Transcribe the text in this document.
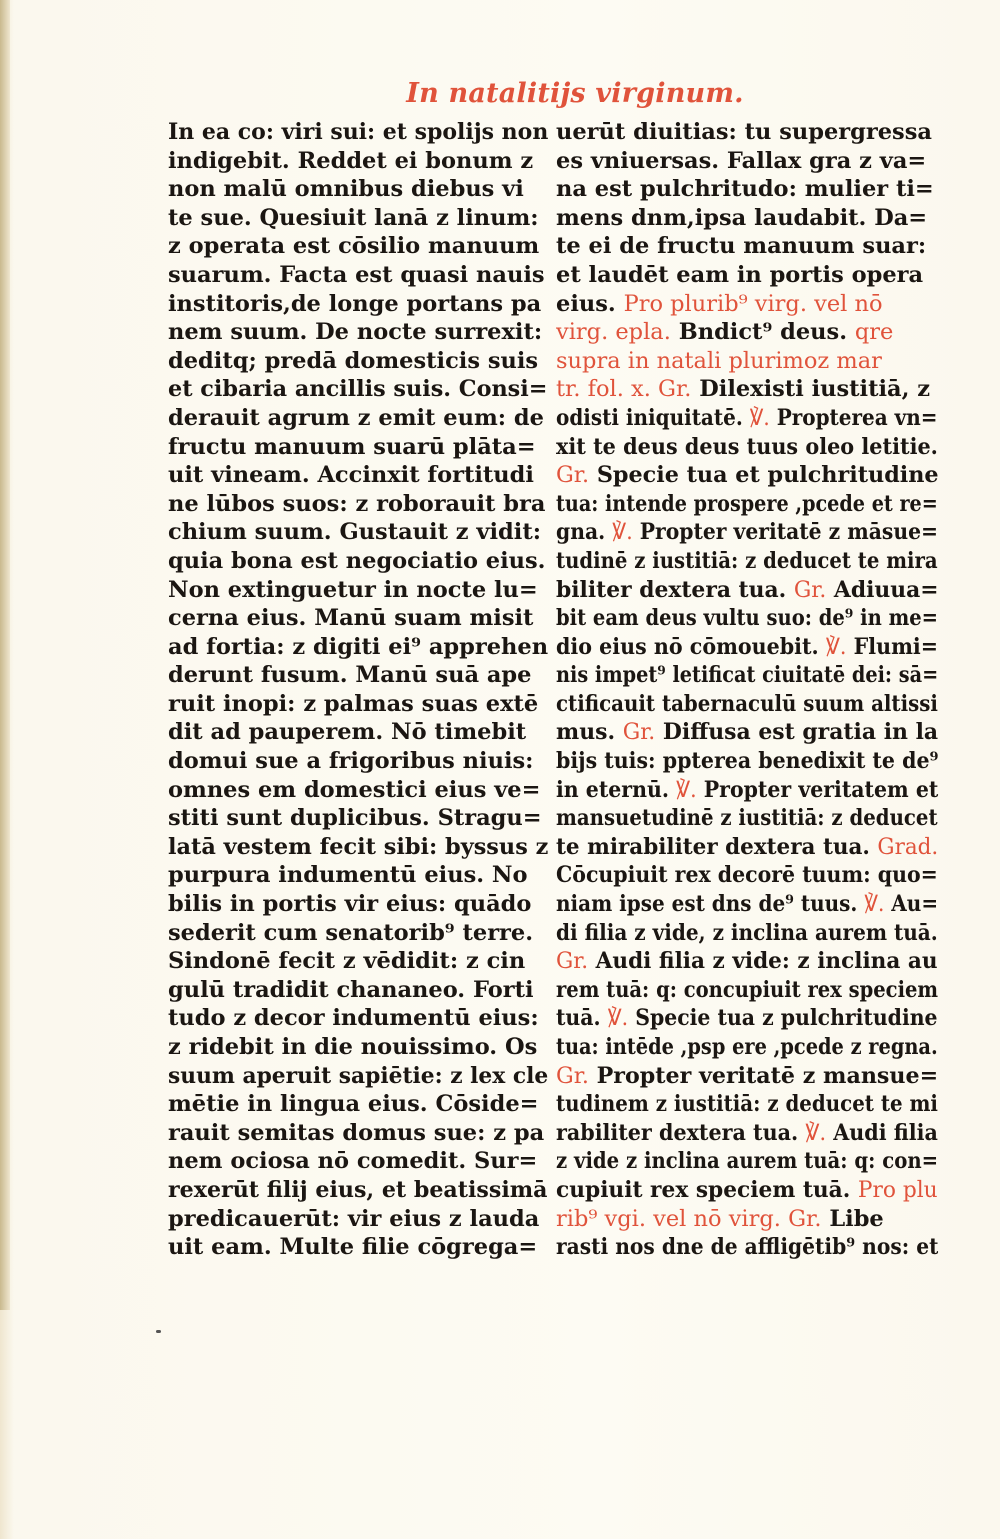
In natalitijs virginum.
In ea co: viri sui: et spolijs non
indigebit. Reddet ei bonum z
non malū omnibus diebus vi
te sue. Quesiuit lanā z linum:
z operata est cōsilio manuum
suarum. Facta est quasi nauis
institoris,de longe portans pa
nem suum. De nocte surrexit:
deditq; predā domesticis suis
et cibaria ancillis suis. Consi=
derauit agrum z emit eum: de
fructu manuum suarū plāta=
uit vineam. Accinxit fortitudi
ne lūbos suos: z roborauit bra
chium suum. Gustauit z vidit:
quia bona est negociatio eius.
Non extinguetur in nocte lu=
cerna eius. Manū suam misit
ad fortia: z digiti ei⁹ apprehen
derunt fusum. Manū suā ape
ruit inopi: z palmas suas extē
dit ad pauperem. Nō timebit
domui sue a frigoribus niuis:
omnes em domestici eius ve=
stiti sunt duplicibus. Stragu=
latā vestem fecit sibi: byssus z
purpura indumentū eius. No
bilis in portis vir eius: quādo
sederit cum senatorib⁹ terre.
Sindonē fecit z vēdidit: z cin
gulū tradidit chananeo. Forti
tudo z decor indumentū eius:
z ridebit in die nouissimo. Os
suum aperuit sapiētie: z lex cle
mētie in lingua eius. Cōside=
rauit semitas domus sue: z pa
nem ociosa nō comedit. Sur=
rexerūt filij eius, et beatissimā
predicauerūt: vir eius z lauda
uit eam. Multe filie cōgrega=
uerūt diuitias: tu supergressa
es vniuersas. Fallax gra z va=
na est pulchritudo: mulier ti=
mens dnm,ipsa laudabit. Da=
te ei de fructu manuum suar:
et laudēt eam in portis opera
eius. Pro plurib⁹ virg. vel nō
virg. epla. Bndict⁹ deus. qre
supra in natali plurimoz mar
tr. fol. x. Gr. Dilexisti iustitiā, z
odisti iniquitatē. ℣. Propterea vn=
xit te deus deus tuus oleo letitie.
Gr. Specie tua et pulchritudine
tua: intende prospere ,pcede et re=
gna. ℣. Propter veritatē z māsue=
tudinē z iustitiā: z deducet te mira
biliter dextera tua. Gr. Adiuua=
bit eam deus vultu suo: de⁹ in me=
dio eius nō cōmouebit. ℣. Flumi=
nis impet⁹ letificat ciuitatē dei: sā=
ctificauit tabernaculū suum altissi
mus. Gr. Diffusa est gratia in la
bijs tuis: ppterea benedixit te de⁹
in eternū. ℣. Propter veritatem et
mansuetudinē z iustitiā: z deducet
te mirabiliter dextera tua. Grad.
Cōcupiuit rex decorē tuum: quo=
niam ipse est dns de⁹ tuus. ℣. Au=
di filia z vide, z inclina aurem tuā.
Gr. Audi filia z vide: z inclina au
rem tuā: q: concupiuit rex speciem
tuā. ℣. Specie tua z pulchritudine
tua: intēde ,psp ere ,pcede z regna.
Gr. Propter veritatē z mansue=
tudinem z iustitiā: z deducet te mi
rabiliter dextera tua. ℣. Audi filia
z vide z inclina aurem tuā: q: con=
cupiuit rex speciem tuā. Pro plu
rib⁹ vgi. vel nō virg. Gr. Libe
rasti nos dne de affligētib⁹ nos: et
